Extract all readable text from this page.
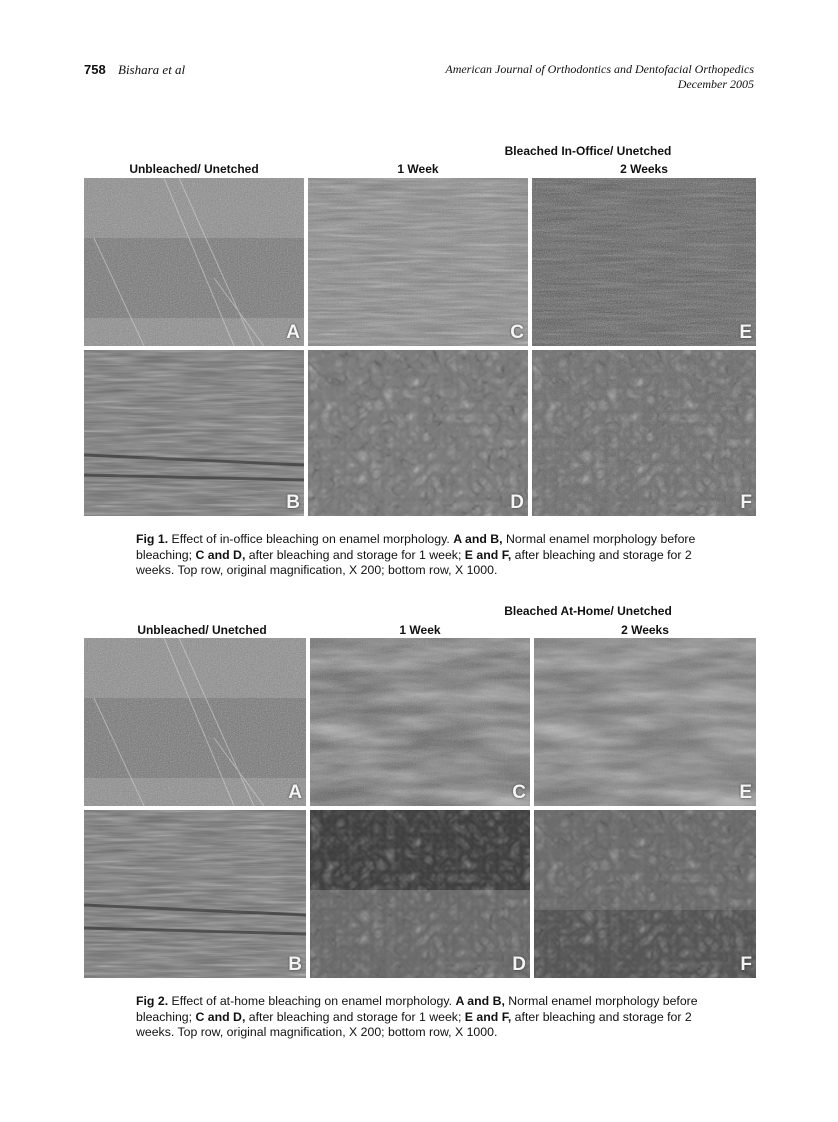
758 Bishara et al	American Journal of Orthodontics and Dentofacial Orthopedics
December 2005
Bleached In-Office/ Unetched
Unbleached/ Unetched	1 Week	2 Weeks
A	C	E
B	D	F
Fig 1. Effect of in-office bleaching on enamel morphology. A and B, Normal enamel morphology before bleaching; C and D, after bleaching and storage for 1 week; E and F, after bleaching and storage for 2 weeks. Top row, original magnification, X 200; bottom row, X 1000.
Bleached At-Home/ Unetched
Unbleached/ Unetched	1 Week	2 Weeks
A	C	E
B	D	F
Fig 2. Effect of at-home bleaching on enamel morphology. A and B, Normal enamel morphology before bleaching; C and D, after bleaching and storage for 1 week; E and F, after bleaching and storage for 2 weeks. Top row, original magnification, X 200; bottom row, X 1000.
